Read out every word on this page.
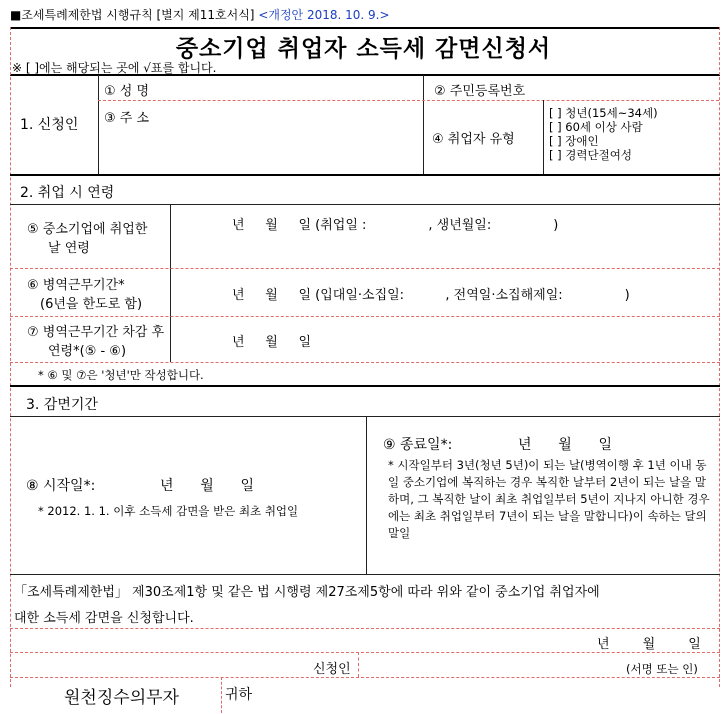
■조세특례제한법 시행규칙 [별지 제11호서식] <개정안 2018. 10. 9.>
중소기업 취업자 소득세 감면신청서
※ [ ]에는 해당되는 곳에 √표를 합니다.
1. 신청인
① 성 명	② 주민등록번호
③ 주 소
④ 취업자 유형
[ ] 청년(15세~34세)
[ ] 60세 이상 사람
[ ] 장애인
[ ] 경력단절여성
2. 취업 시 연령
⑤ 중소기업에 취업한
날 연령
년     월     일 (취업일 :               , 생년월일:               )
⑥ 병역근무기간*
(6년을 한도로 함)
년     월     일 (입대일·소집일:          , 전역일·소집해제일:               )
⑦ 병역근무기간 차감 후
연령*(⑤ - ⑥)
년     월     일
* ⑥ 및 ⑦은 '청년'만 작성합니다.
3. 감면기간
⑧ 시작일*:	년      월      일
* 2012. 1. 1. 이후 소득세 감면을 받은 최초 취업일
⑨ 종료일*:	년      월      일
* 시작일부터 3년(청년 5년)이 되는 날(병역이행 후 1년 이내 동일 중소기업에 복직하는 경우 복직한 날부터 2년이 되는 날을 말하며, 그 복직한 날이 최초 취업일부터 5년이 지나지 아니한 경우에는 최초 취업일부터 7년이 되는 날을 말합니다)이 속하는 달의 말일
「조세특례제한법」 제30조제1항 및 같은 법 시행령 제27조제5항에 따라 위와 같이 중소기업 취업자에
대한 소득세 감면을 신청합니다.
년        월        일
신청인	(서명 또는 인)
원천징수의무자	귀하
